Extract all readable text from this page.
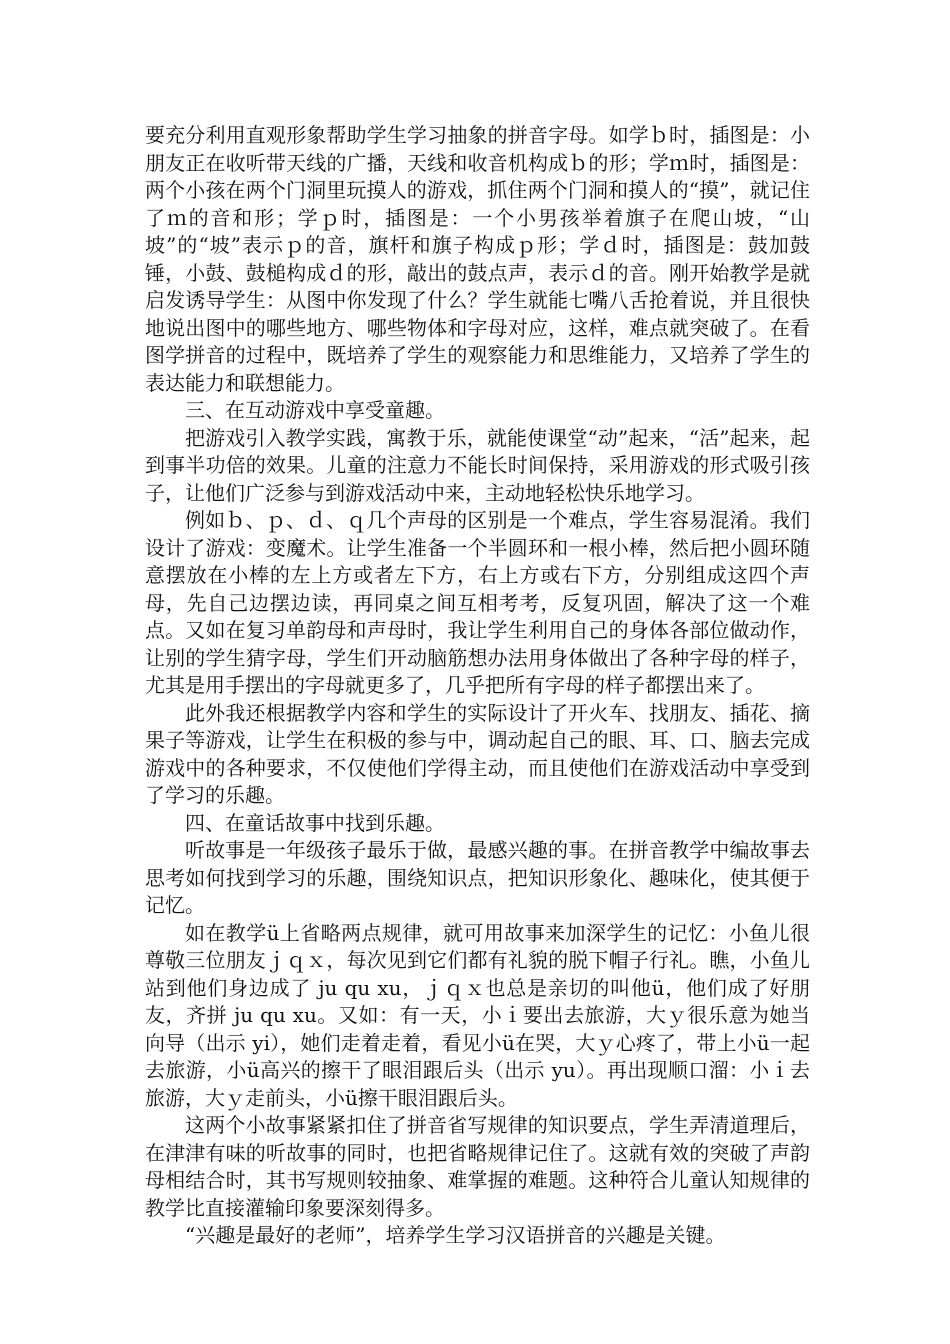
要充分利用直观形象帮助学生学习抽象的拼音字母。如学ｂ时，插图是：小朋友正在收听带天线的广播，天线和收音机构成ｂ的形；学ｍ时，插图是：两个小孩在两个门洞里玩摸人的游戏，抓住两个门洞和摸人的“摸”，就记住了ｍ的音和形；学ｐ时，插图是：一个小男孩举着旗子在爬山坡，“山坡”的“坡”表示ｐ的音，旗杆和旗子构成ｐ形；学ｄ时，插图是：鼓加鼓锤，小鼓、鼓槌构成ｄ的形，敲出的鼓点声，表示ｄ的音。刚开始教学是就启发诱导学生：从图中你发现了什么？学生就能七嘴八舌抢着说，并且很快地说出图中的哪些地方、哪些物体和字母对应，这样，难点就突破了。在看图学拼音的过程中，既培养了学生的观察能力和思维能力，又培养了学生的表达能力和联想能力。

三、在互动游戏中享受童趣。

把游戏引入教学实践，寓教于乐，就能使课堂“动”起来，“活”起来，起到事半功倍的效果。儿童的注意力不能长时间保持，采用游戏的形式吸引孩子，让他们广泛参与到游戏活动中来，主动地轻松快乐地学习。

例如ｂ、ｐ、ｄ、ｑ几个声母的区别是一个难点，学生容易混淆。我们设计了游戏：变魔术。让学生准备一个半圆环和一根小棒，然后把小圆环随意摆放在小棒的左上方或者左下方，右上方或右下方，分别组成这四个声母，先自己边摆边读，再同桌之间互相考考，反复巩固，解决了这一个难点。又如在复习单韵母和声母时，我让学生利用自己的身体各部位做动作，让别的学生猜字母，学生们开动脑筋想办法用身体做出了各种字母的样子，尤其是用手摆出的字母就更多了，几乎把所有字母的样子都摆出来了。

此外我还根据教学内容和学生的实际设计了开火车、找朋友、插花、摘果子等游戏，让学生在积极的参与中，调动起自己的眼、耳、口、脑去完成游戏中的各种要求，不仅使他们学得主动，而且使他们在游戏活动中享受到了学习的乐趣。

四、在童话故事中找到乐趣。

听故事是一年级孩子最乐于做，最感兴趣的事。在拼音教学中编故事去思考如何找到学习的乐趣，围绕知识点，把知识形象化、趣味化，使其便于记忆。

如在教学ü上省略两点规律，就可用故事来加深学生的记忆：小鱼儿很尊敬三位朋友ｊｑｘ，每次见到它们都有礼貌的脱下帽子行礼。瞧，小鱼儿站到他们身边成了 ju qu xu，ｊｑｘ也总是亲切的叫他ü，他们成了好朋友，齐拼 ju qu xu。又如：有一天，小ｉ要出去旅游，大ｙ很乐意为她当向导（出示 yi），她们走着走着，看见小ü在哭，大ｙ心疼了，带上小ü一起去旅游，小ü高兴的擦干了眼泪跟后头（出示 yu）。再出现顺口溜：小ｉ去旅游，大ｙ走前头，小ü擦干眼泪跟后头。

这两个小故事紧紧扣住了拼音省写规律的知识要点，学生弄清道理后，在津津有味的听故事的同时，也把省略规律记住了。这就有效的突破了声韵母相结合时，其书写规则较抽象、难掌握的难题。这种符合儿童认知规律的教学比直接灌输印象要深刻得多。

“兴趣是最好的老师”，培养学生学习汉语拼音的兴趣是关键。
